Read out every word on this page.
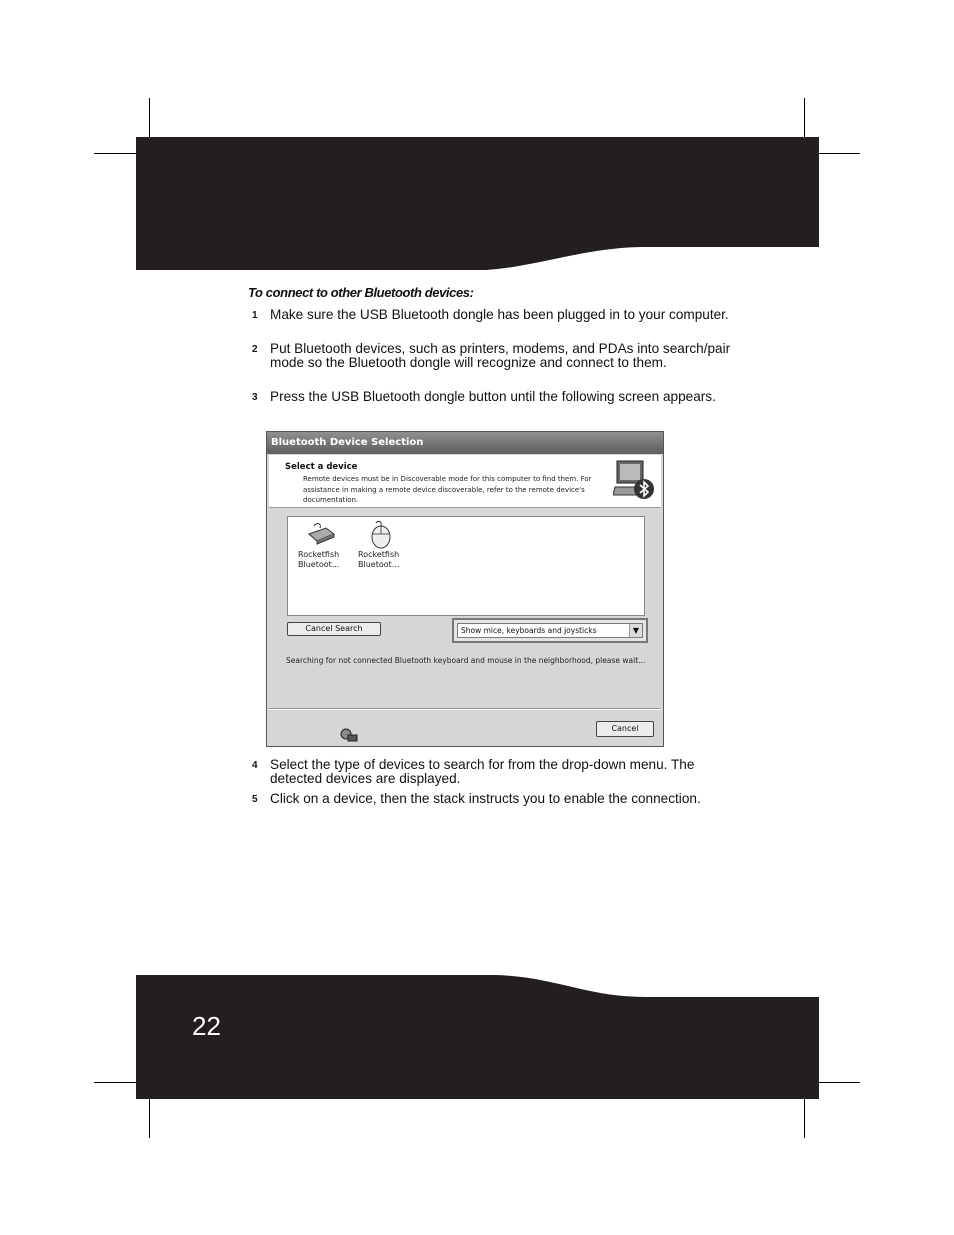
22
To connect to other Bluetooth devices:
1 Make sure the USB Bluetooth dongle has been plugged in to your computer.
2 Put Bluetooth devices, such as printers, modems, and PDAs into search/pair mode so the Bluetooth dongle will recognize and connect to them.
3 Press the USB Bluetooth dongle button until the following screen appears.
Bluetooth Device Selection
Select a device
Remote devices must be in Discoverable mode for this computer to find them. For assistance in making a remote device discoverable, refer to the remote device's documentation.
Rocketfish Bluetoot...
Rocketfish Bluetoot...
Cancel Search	Show mice, keyboards and joysticks	▼
Searching for not connected Bluetooth keyboard and mouse in the neighborhood, please wait...
Cancel
4 Select the type of devices to search for from the drop-down menu. The detected devices are displayed.
5 Click on a device, then the stack instructs you to enable the connection.
